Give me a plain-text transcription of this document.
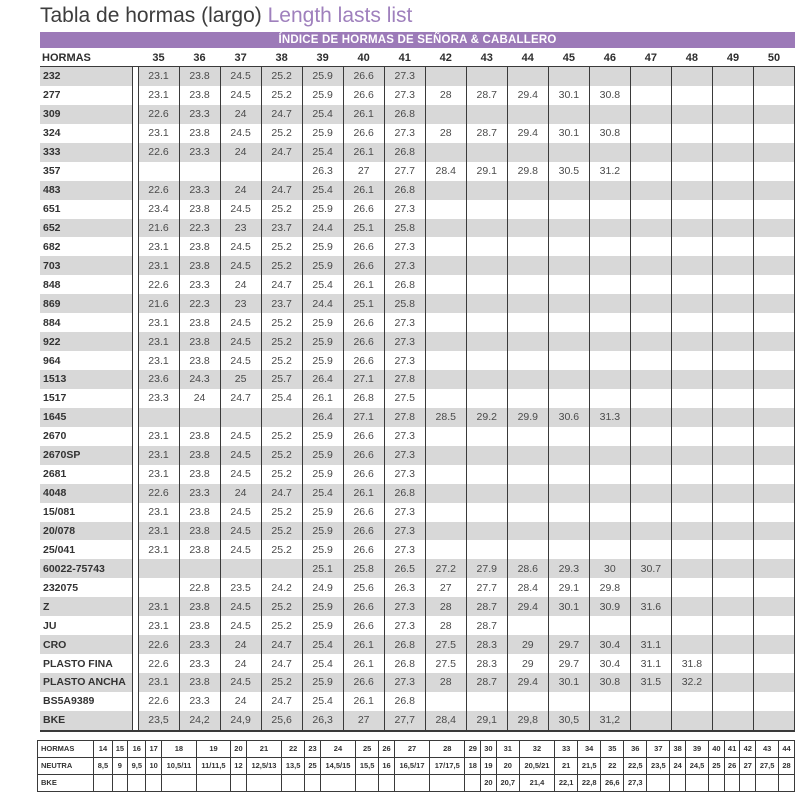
Tabla de hormas (largo) Length lasts list
ÍNDICE DE HORMAS DE SEÑORA & CABALLERO
HORMAS		35	36	37	38	39	40	41	42	43	44	45	46	47	48	49	50
232		23.1	23.8	24.5	25.2	25.9	26.6	27.3									
277		23.1	23.8	24.5	25.2	25.9	26.6	27.3	28	28.7	29.4	30.1	30.8				
309		22.6	23.3	24	24.7	25.4	26.1	26.8									
324		23.1	23.8	24.5	25.2	25.9	26.6	27.3	28	28.7	29.4	30.1	30.8				
333		22.6	23.3	24	24.7	25.4	26.1	26.8									
357						26.3	27	27.7	28.4	29.1	29.8	30.5	31.2				
483		22.6	23.3	24	24.7	25.4	26.1	26.8									
651		23.4	23.8	24.5	25.2	25.9	26.6	27.3									
652		21.6	22.3	23	23.7	24.4	25.1	25.8									
682		23.1	23.8	24.5	25.2	25.9	26.6	27.3									
703		23.1	23.8	24.5	25.2	25.9	26.6	27.3									
848		22.6	23.3	24	24.7	25.4	26.1	26.8									
869		21.6	22.3	23	23.7	24.4	25.1	25.8									
884		23.1	23.8	24.5	25.2	25.9	26.6	27.3									
922		23.1	23.8	24.5	25.2	25.9	26.6	27.3									
964		23.1	23.8	24.5	25.2	25.9	26.6	27.3									
1513		23.6	24.3	25	25.7	26.4	27.1	27.8									
1517		23.3	24	24.7	25.4	26.1	26.8	27.5									
1645						26.4	27.1	27.8	28.5	29.2	29.9	30.6	31.3				
2670		23.1	23.8	24.5	25.2	25.9	26.6	27.3									
2670SP		23.1	23.8	24.5	25.2	25.9	26.6	27.3									
2681		23.1	23.8	24.5	25.2	25.9	26.6	27.3									
4048		22.6	23.3	24	24.7	25.4	26.1	26.8									
15/081		23.1	23.8	24.5	25.2	25.9	26.6	27.3									
20/078		23.1	23.8	24.5	25.2	25.9	26.6	27.3									
25/041		23.1	23.8	24.5	25.2	25.9	26.6	27.3									
60022-75743						25.1	25.8	26.5	27.2	27.9	28.6	29.3	30	30.7			
232075			22.8	23.5	24.2	24.9	25.6	26.3	27	27.7	28.4	29.1	29.8				
Z		23.1	23.8	24.5	25.2	25.9	26.6	27.3	28	28.7	29.4	30.1	30.9	31.6			
JU		23.1	23.8	24.5	25.2	25.9	26.6	27.3	28	28.7							
CRO		22.6	23.3	24	24.7	25.4	26.1	26.8	27.5	28.3	29	29.7	30.4	31.1			
PLASTO FINA		22.6	23.3	24	24.7	25.4	26.1	26.8	27.5	28.3	29	29.7	30.4	31.1	31.8		
PLASTO ANCHA		23.1	23.8	24.5	25.2	25.9	26.6	27.3	28	28.7	29.4	30.1	30.8	31.5	32.2		
BS5A9389		22.6	23.3	24	24.7	25.4	26.1	26.8									
BKE		23,5	24,2	24,9	25,6	26,3	27	27,7	28,4	29,1	29,8	30,5	31,2				
HORMAS	14	15	16	17	18	19	20	21	22	23	24	25	26	27	28	29	30	31	32	33	34	35	36	37	38	39	40	41	42	43	44
NEUTRA	8,5	9	9,5	10	10,5/11	11/11,5	12	12,5/13	13,5	25	14,5/15	15,5	16	16,5/17	17/17,5	18	19	20	20,5/21	21	21,5	22	22,5	23,5	24	24,5	25	26	27	27,5	28
BKE																	20	20,7	21,4	22,1	22,8	26,6	27,3								
